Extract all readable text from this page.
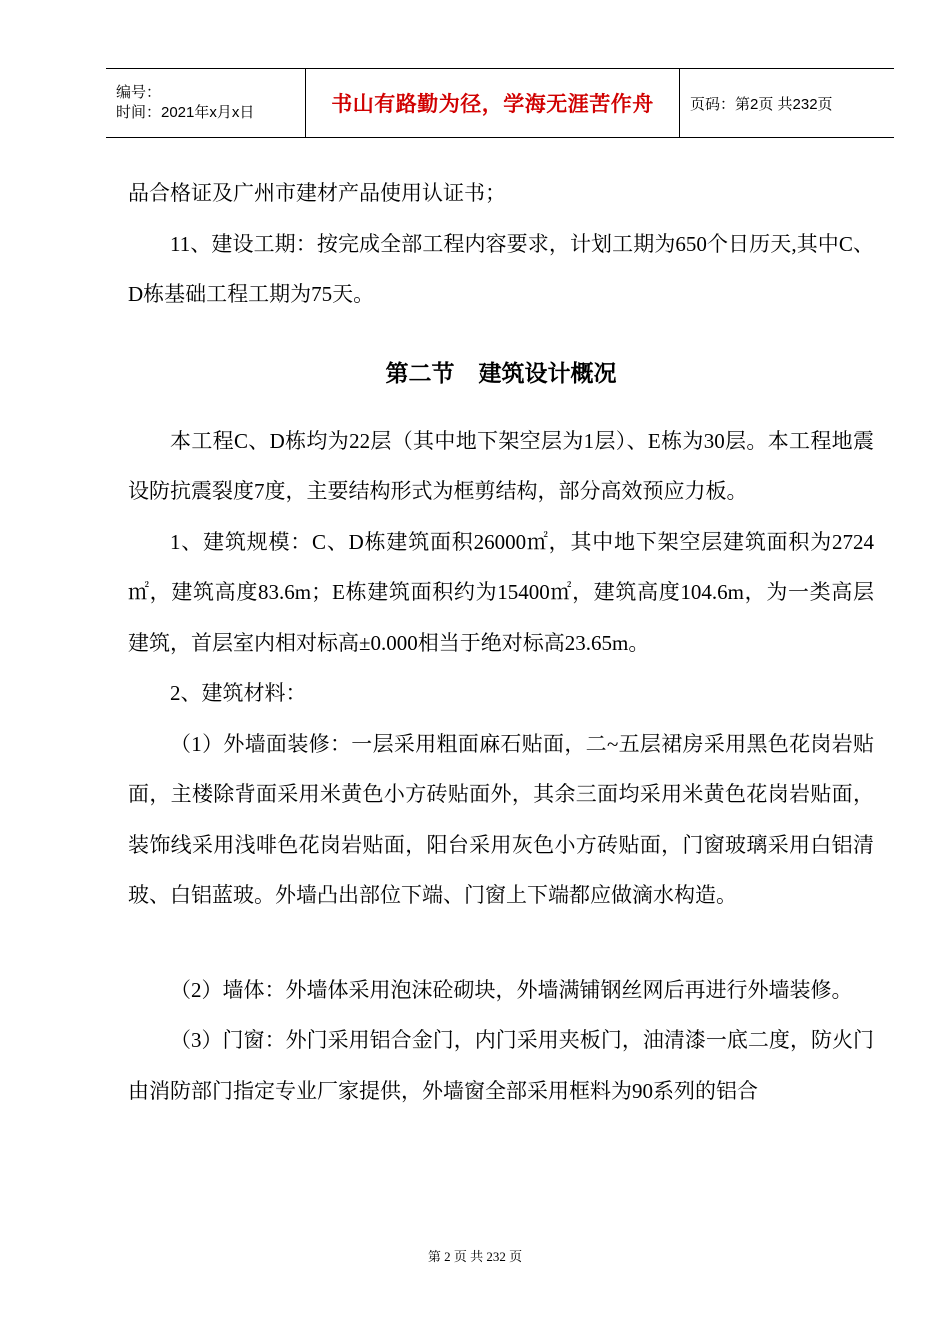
编号：
时间：2021年x月x日	书山有路勤为径，学海无涯苦作舟	页码：第2页 共232页

品合格证及广州市建材产品使用认证书；

11、建设工期：按完成全部工程内容要求，计划工期为650个日历天,其中C、D栋基础工程工期为75天。

第二节 建筑设计概况

本工程C、D栋均为22层（其中地下架空层为1层）、E栋为30层。本工程地震设防抗震裂度7度，主要结构形式为框剪结构，部分高效预应力板。

1、建筑规模：C、D栋建筑面积26000㎡，其中地下架空层建筑面积为2724㎡，建筑高度83.6m；E栋建筑面积约为15400㎡，建筑高度104.6m，为一类高层建筑，首层室内相对标高±0.000相当于绝对标高23.65m。

2、建筑材料：

（1）外墙面装修：一层采用粗面麻石贴面，二~五层裙房采用黑色花岗岩贴面，主楼除背面采用米黄色小方砖贴面外，其余三面均采用米黄色花岗岩贴面，装饰线采用浅啡色花岗岩贴面，阳台采用灰色小方砖贴面，门窗玻璃采用白铝清玻、白铝蓝玻。外墙凸出部位下端、门窗上下端都应做滴水构造。

（2）墙体：外墙体采用泡沫砼砌块，外墙满铺钢丝网后再进行外墙装修。

（3）门窗：外门采用铝合金门，内门采用夹板门，油清漆一底二度，防火门由消防部门指定专业厂家提供，外墙窗全部采用框料为90系列的铝合

第 2 页 共 232 页
